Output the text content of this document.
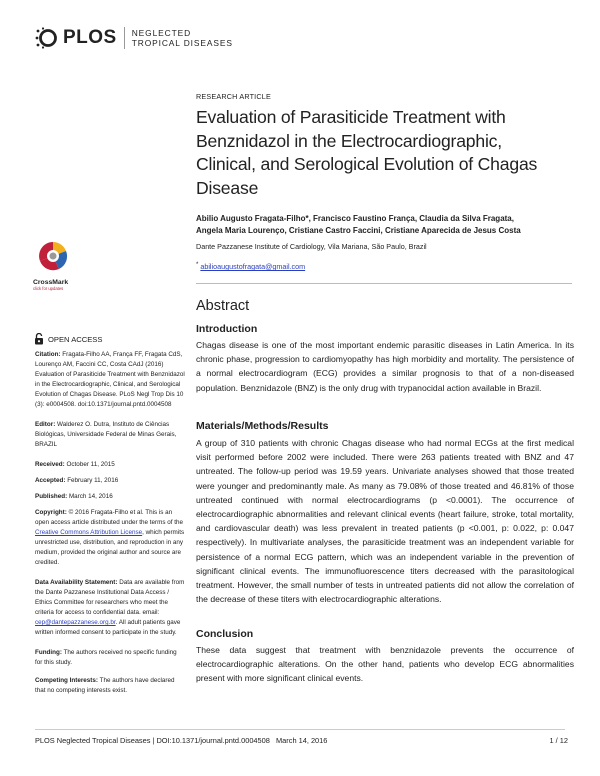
PLOS NEGLECTED
TROPICAL DISEASES
RESEARCH ARTICLE
Evaluation of Parasiticide Treatment with Benznidazol in the Electrocardiographic, Clinical, and Serological Evolution of Chagas Disease
Abilio Augusto Fragata-Filho*, Francisco Faustino França, Claudia da Silva Fragata,
Angela Maria Lourenço, Cristiane Castro Faccini, Cristiane Aparecida de Jesus Costa
Dante Pazzanese Institute of Cardiology, Vila Mariana, São Paulo, Brazil
* abilioaugustofragata@gmail.com
Abstract
Introduction

Chagas disease is one of the most important endemic parasitic diseases in Latin America. In its chronic phase, progression to cardiomyopathy has high morbidity and mortality. The persistence of a normal electrocardiogram (ECG) provides a similar prognosis to that of a non-diseased population. Benznidazole (BNZ) is the only drug with trypanocidal action available in Brazil.

Materials/Methods/Results

A group of 310 patients with chronic Chagas disease who had normal ECGs at the first medical visit performed before 2002 were included. There were 263 patients treated with BNZ and 47 untreated. The follow-up period was 19.59 years. Univariate analyses showed that those treated were younger and predominantly male. As many as 79.08% of those treated and 46.81% of those untreated continued with normal electrocardiograms (p <0.0001). The occurrence of electrocardiographic abnormalities and relevant clinical events (heart failure, stroke, total mortality, and cardiovascular death) was less prevalent in treated patients (p <0.001, p: 0.022, p: 0.047 respectively). In multivariate analyses, the parasiticide treatment was an independent variable for persistence of a normal ECG pattern, which was an independent variable in the prevention of significant clinical events. The immunofluorescence titers decreased with the parasitological treatment. However, the small number of tests in untreated patients did not allow the correlation of the decrease of these titers with electrocardiographic alterations.

Conclusion

These data suggest that treatment with benznidazole prevents the occurrence of electrocardiographic alterations. On the other hand, patients who develop ECG abnormalities present with more significant clinical events.

CrossMark
click for updates
OPEN ACCESS
Citation: Fragata-Filho AA, França FF, Fragata CdS, Lourenço AM, Faccini CC, Costa CAdJ (2016) Evaluation of Parasiticide Treatment with Benznidazol in the Electrocardiographic, Clinical, and Serological Evolution of Chagas Disease. PLoS Negl Trop Dis 10 (3): e0004508. doi:10.1371/journal.pntd.0004508
Editor: Walderez O. Dutra, Instituto de Ciências Biológicas, Universidade Federal de Minas Gerais, BRAZIL
Received: October 11, 2015
Accepted: February 11, 2016
Published: March 14, 2016
Copyright: © 2016 Fragata-Filho et al. This is an open access article distributed under the terms of the Creative Commons Attribution License, which permits unrestricted use, distribution, and reproduction in any medium, provided the original author and source are credited.
Data Availability Statement: Data are available from the Dante Pazzanese Institutional Data Access / Ethics Committee for researchers who meet the criteria for access to confidential data. email: cep@dantepazzanese.org.br. All adult patients gave written informed consent to participate in the study.
Funding: The authors received no specific funding for this study.
Competing Interests: The authors have declared that no competing interests exist.
PLOS Neglected Tropical Diseases | DOI:10.1371/journal.pntd.0004508   March 14, 2016	1 / 12
